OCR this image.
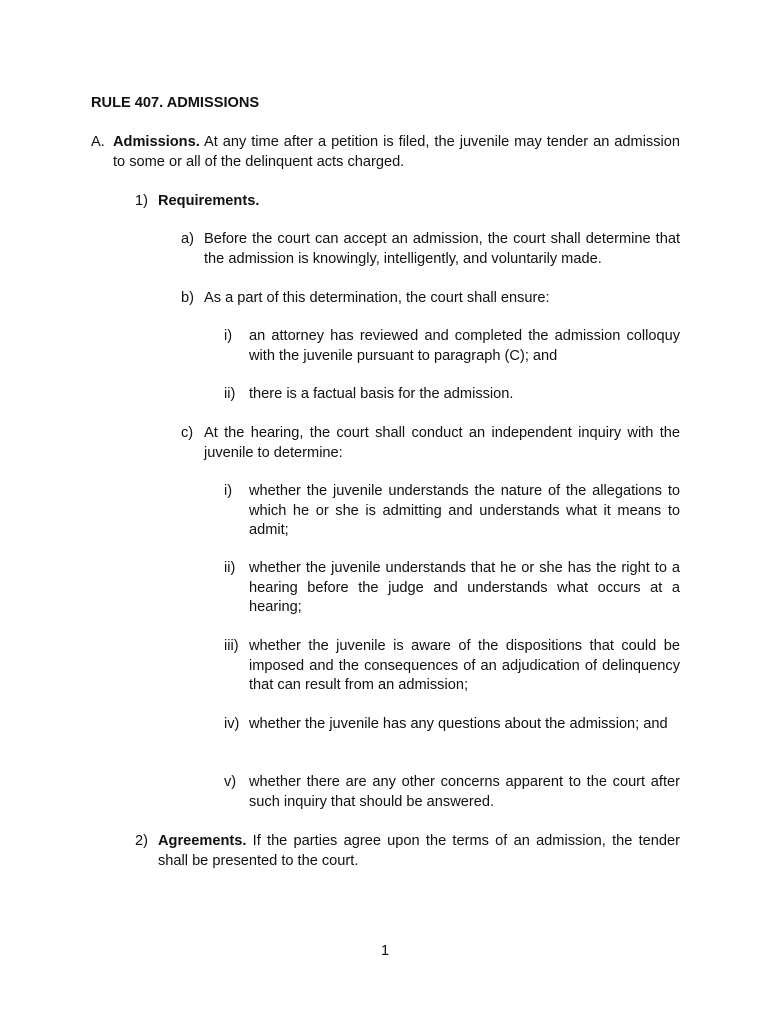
RULE 407. ADMISSIONS
A. Admissions. At any time after a petition is filed, the juvenile may tender an admission to some or all of the delinquent acts charged.
1) Requirements.
a) Before the court can accept an admission, the court shall determine that the admission is knowingly, intelligently, and voluntarily made.
b) As a part of this determination, the court shall ensure:
i) an attorney has reviewed and completed the admission colloquy with the juvenile pursuant to paragraph (C); and
ii) there is a factual basis for the admission.
c) At the hearing, the court shall conduct an independent inquiry with the juvenile to determine:
i) whether the juvenile understands the nature of the allegations to which he or she is admitting and understands what it means to admit;
ii) whether the juvenile understands that he or she has the right to a hearing before the judge and understands what occurs at a hearing;
iii) whether the juvenile is aware of the dispositions that could be imposed and the consequences of an adjudication of delinquency that can result from an admission;
iv) whether the juvenile has any questions about the admission; and
v) whether there are any other concerns apparent to the court after such inquiry that should be answered.
2) Agreements. If the parties agree upon the terms of an admission, the tender shall be presented to the court.
1
